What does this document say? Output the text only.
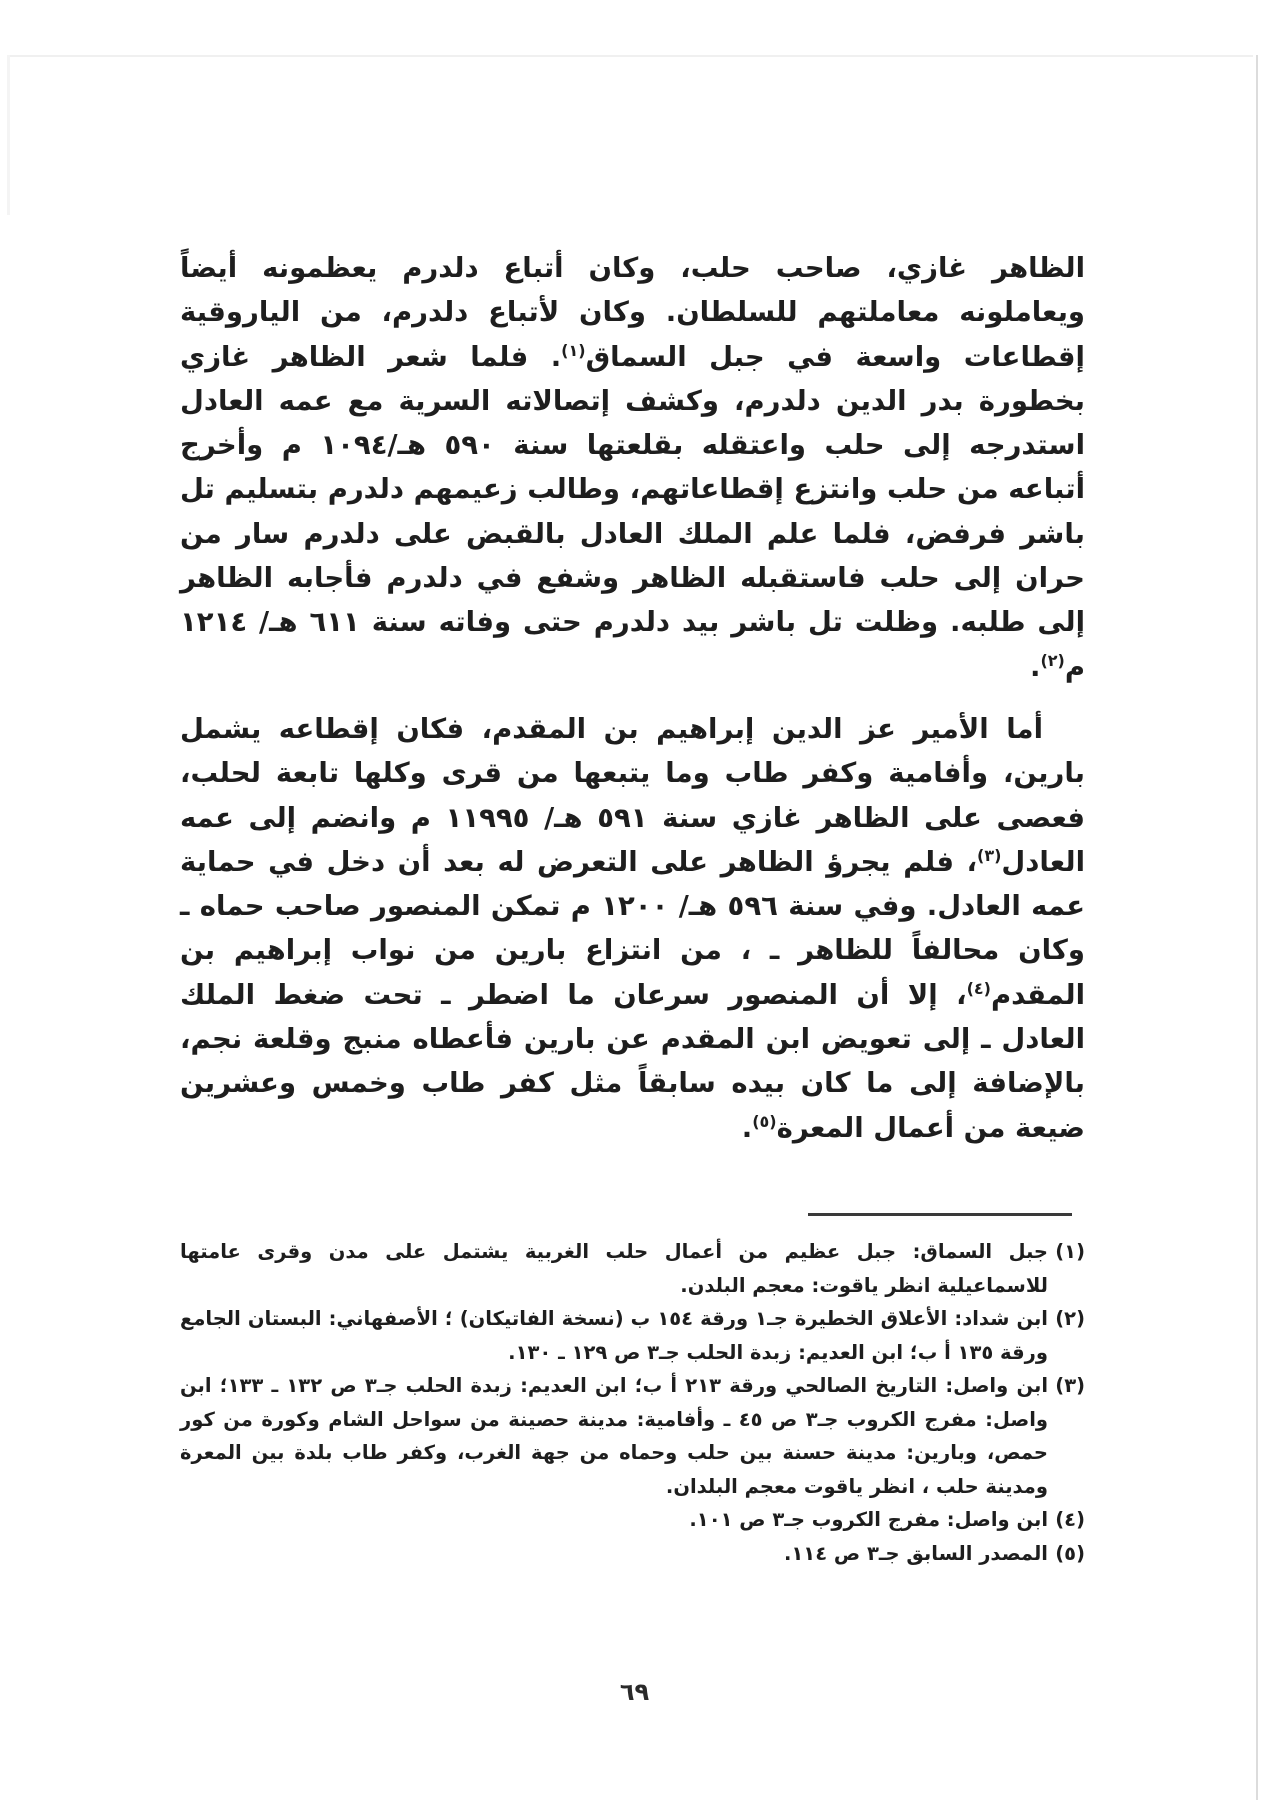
الظاهر غازي، صاحب حلب، وكان أتباع دلدرم يعظمونه أيضاً ويعاملونه معاملتهم للسلطان. وكان لأتباع دلدرم، من الياروقية إقطاعات واسعة في جبل السماق$^{(١)}$. فلما شعر الظاهر غازي بخطورة بدر الدين دلدرم، وكشف إتصالاته السرية مع عمه العادل استدرجه إلى حلب واعتقله بقلعتها سنة ٥٩٠ هـ/١٠٩٤ م وأخرج أتباعه من حلب وانتزع إقطاعاتهم، وطالب زعيمهم دلدرم بتسليم تل باشر فرفض، فلما علم الملك العادل بالقبض على دلدرم سار من حران إلى حلب فاستقبله الظاهر وشفع في دلدرم فأجابه الظاهر إلى طلبه. وظلت تل باشر بيد دلدرم حتى وفاته سنة ٦١١ هـ/ ١٢١٤ م$^{(٢)}$.

أما الأمير عز الدين إبراهيم بن المقدم، فكان إقطاعه يشمل بارين، وأفامية وكفر طاب وما يتبعها من قرى وكلها تابعة لحلب، فعصى على الظاهر غازي سنة ٥٩١ هـ/ ١١٩٩٥ م وانضم إلى عمه العادل$^{(٣)}$، فلم يجرؤ الظاهر على التعرض له بعد أن دخل في حماية عمه العادل. وفي سنة ٥٩٦ هـ/ ١٢٠٠ م تمكن المنصور صاحب حماه ـ وكان محالفاً للظاهر ـ ، من انتزاع بارين من نواب إبراهيم بن المقدم$^{(٤)}$، إلا أن المنصور سرعان ما اضطر ـ تحت ضغط الملك العادل ـ إلى تعويض ابن المقدم عن بارين فأعطاه منبج وقلعة نجم، بالإضافة إلى ما كان بيده سابقاً مثل كفر طاب وخمس وعشرين ضيعة من أعمال المعرة$^{(٥)}$.

(١)جبل السماق: جبل عظيم من أعمال حلب الغربية يشتمل على مدن وقرى عامتها للاسماعيلية انظر ياقوت: معجم البلدن.

(٢)ابن شداد: الأعلاق الخطيرة جـ١ ورقة ١٥٤ ب (نسخة الفاتيكان) ؛ الأصفهاني: البستان الجامع ورقة ١٣٥ أ ب؛ ابن العديم: زبدة الحلب جـ٣ ص ١٢٩ ـ ١٣٠.

(٣)ابن واصل: التاريخ الصالحي ورقة ٢١٣ أ ب؛ ابن العديم: زبدة الحلب جـ٣ ص ١٣٢ ـ ١٣٣؛ ابن واصل: مفرج الكروب جـ٣ ص ٤٥ ـ وأفامية: مدينة حصينة من سواحل الشام وكورة من كور حمص، وبارين: مدينة حسنة بين حلب وحماه من جهة الغرب، وكفر طاب بلدة بين المعرة ومدينة حلب ، انظر ياقوت معجم البلدان.

(٤)ابن واصل: مفرج الكروب جـ٣ ص ١٠١.

(٥)المصدر السابق جـ٣ ص ١١٤.

٦٩
